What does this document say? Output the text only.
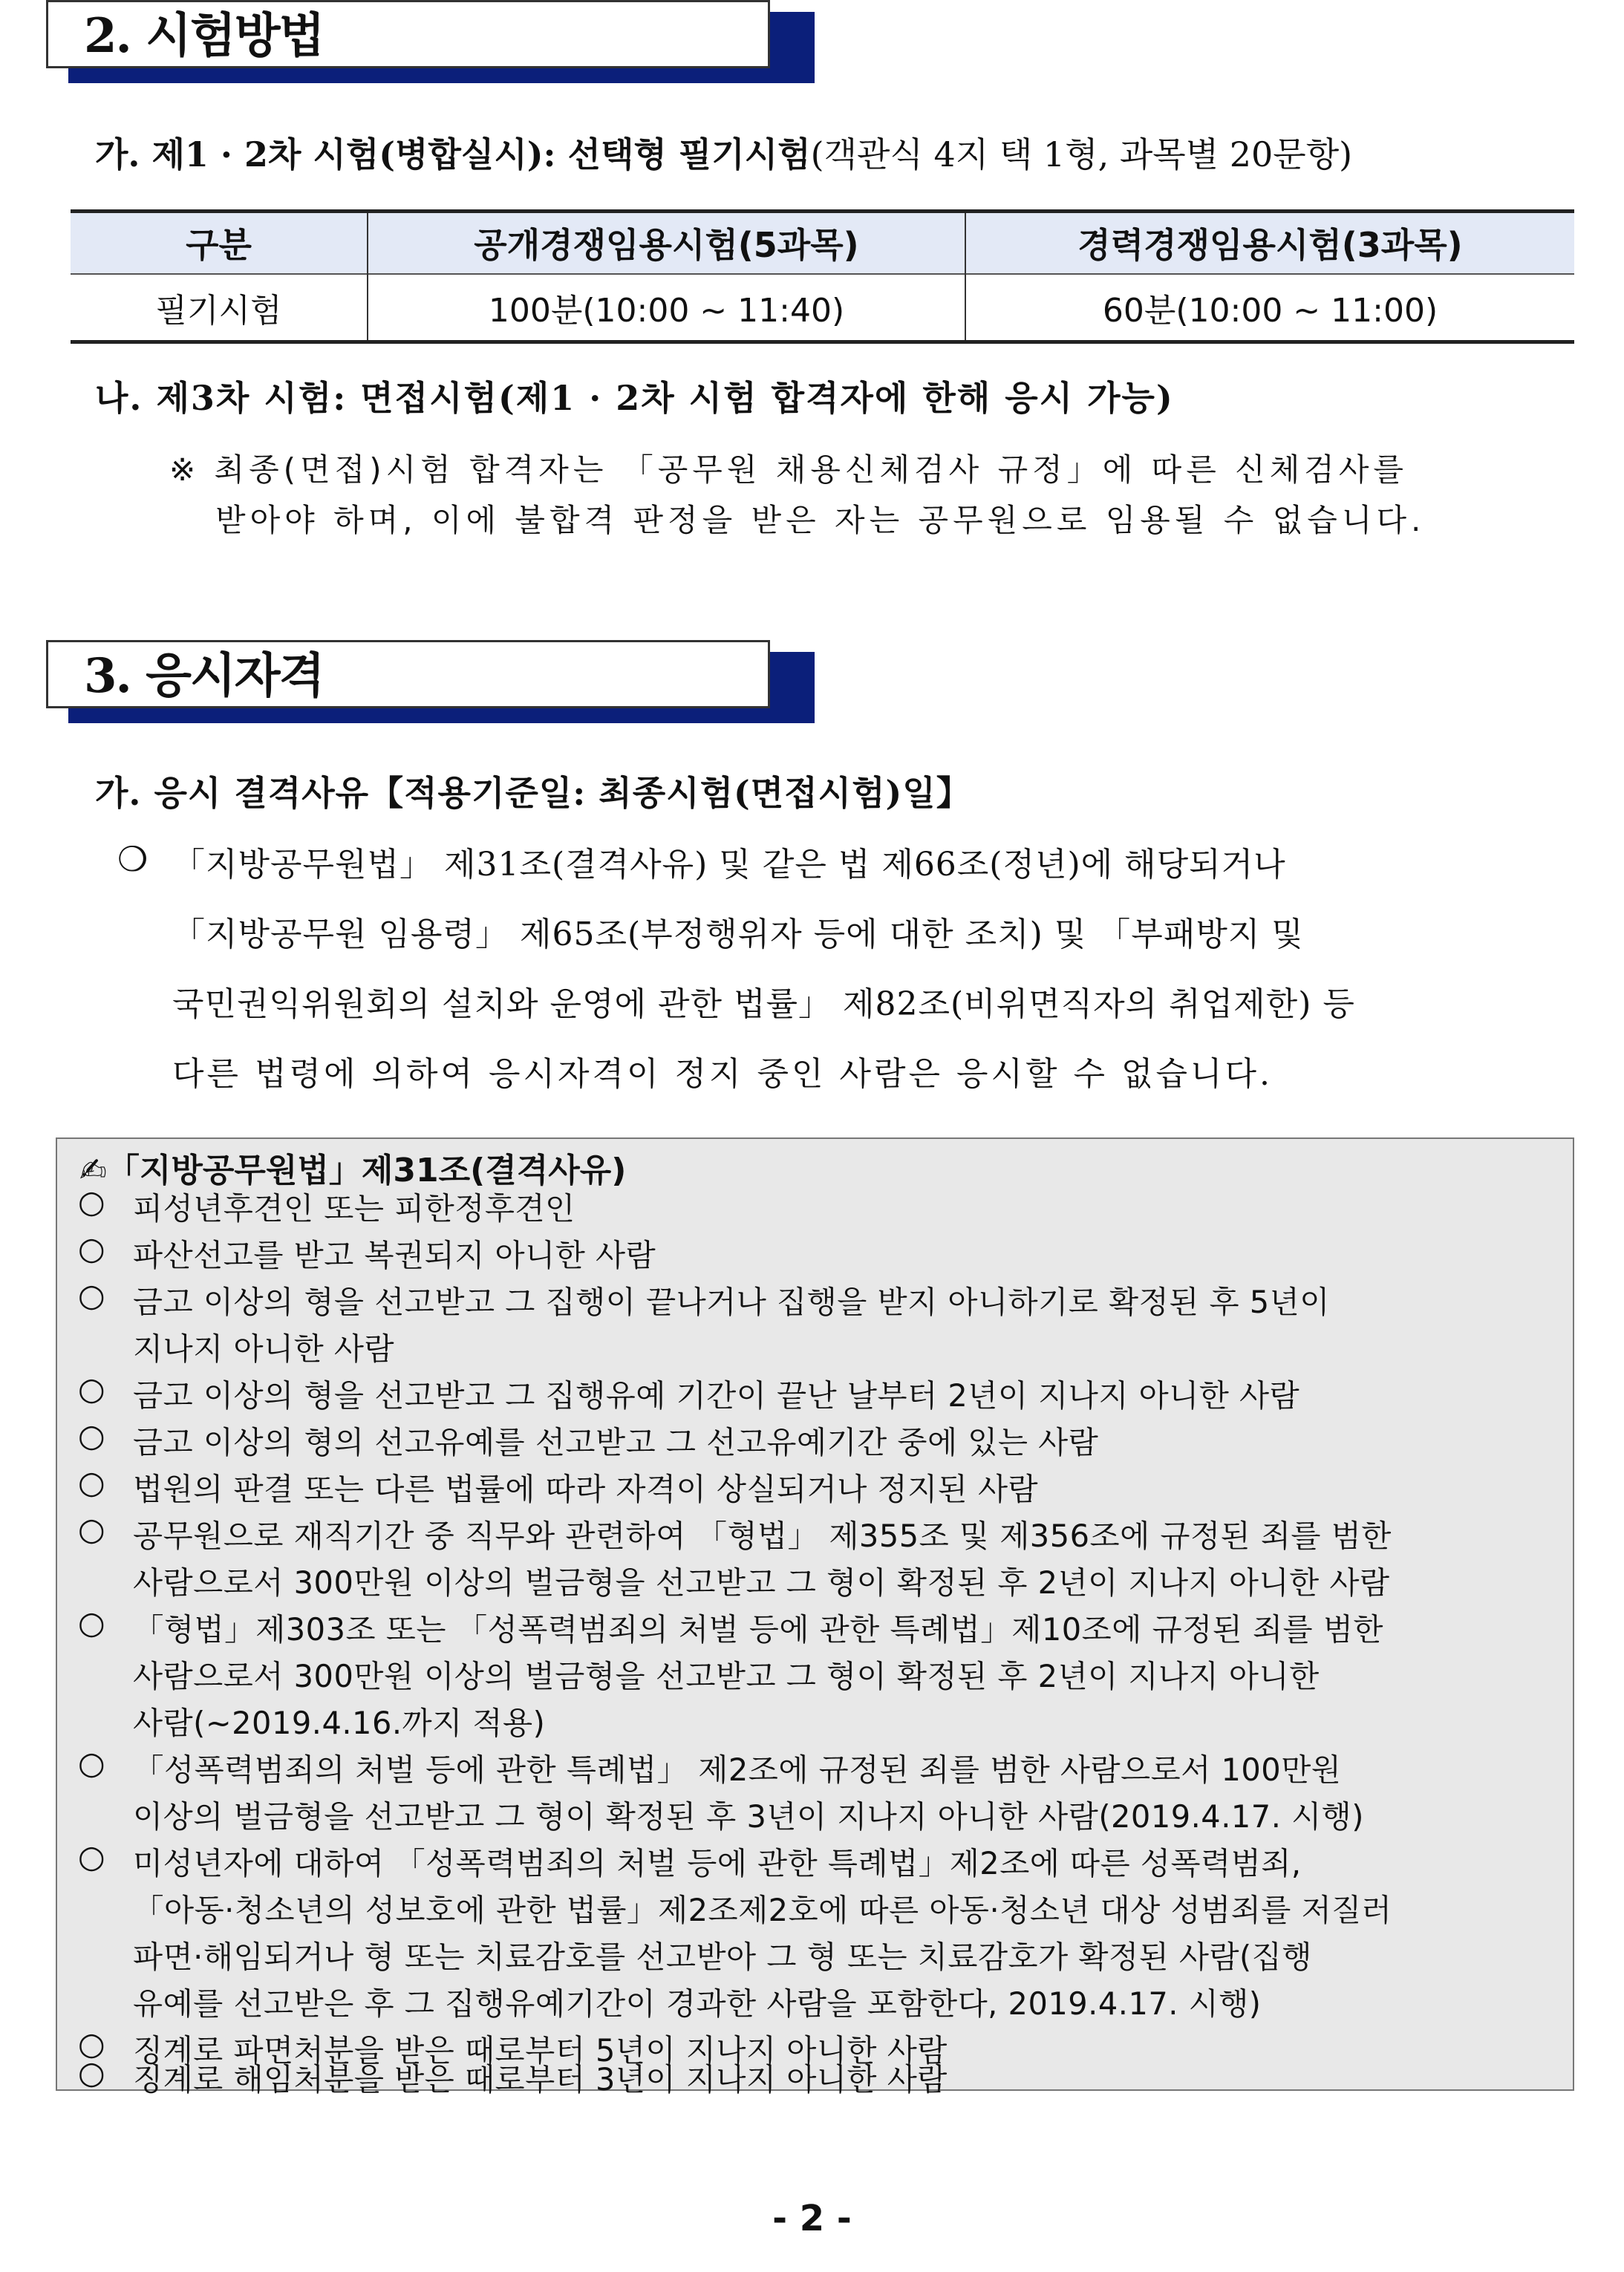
2. 시험방법
가. 제1 · 2차 시험(병합실시): 선택형 필기시험(객관식 4지 택 1형, 과목별 20문항)
구분	공개경쟁임용시험(5과목)	경력경쟁임용시험(3과목)
필기시험	100분(10:00 ~ 11:40)	60분(10:00 ~ 11:00)
나. 제3차 시험: 면접시험(제1 · 2차 시험 합격자에 한해 응시 가능)
※ 최종(면접)시험 합격자는 「공무원 채용신체검사 규정」에 따른 신체검사를
받아야 하며, 이에 불합격 판정을 받은 자는 공무원으로 임용될 수 없습니다.
3. 응시자격
가. 응시 결격사유【적용기준일: 최종시험(면접시험)일】
❍ 「지방공무원법」 제31조(결격사유) 및 같은 법 제66조(정년)에 해당되거나
「지방공무원 임용령」 제65조(부정행위자 등에 대한 조치) 및 「부패방지 및
국민권익위원회의 설치와 운영에 관한 법률」 제82조(비위면직자의 취업제한) 등
다른 법령에 의하여 응시자격이 정지 중인 사람은 응시할 수 없습니다.
✍「지방공무원법」제31조(결격사유)
○ 피성년후견인 또는 피한정후견인
○ 파산선고를 받고 복권되지 아니한 사람
○ 금고 이상의 형을 선고받고 그 집행이 끝나거나 집행을 받지 아니하기로 확정된 후 5년이
지나지 아니한 사람
○ 금고 이상의 형을 선고받고 그 집행유예 기간이 끝난 날부터 2년이 지나지 아니한 사람
○ 금고 이상의 형의 선고유예를 선고받고 그 선고유예기간 중에 있는 사람
○ 법원의 판결 또는 다른 법률에 따라 자격이 상실되거나 정지된 사람
○ 공무원으로 재직기간 중 직무와 관련하여 「형법」 제355조 및 제356조에 규정된 죄를 범한
사람으로서 300만원 이상의 벌금형을 선고받고 그 형이 확정된 후 2년이 지나지 아니한 사람
○ 「형법」제303조 또는 「성폭력범죄의 처벌 등에 관한 특례법」제10조에 규정된 죄를 범한
사람으로서 300만원 이상의 벌금형을 선고받고 그 형이 확정된 후 2년이 지나지 아니한
사람(~2019.4.16.까지 적용)
○ 「성폭력범죄의 처벌 등에 관한 특례법」 제2조에 규정된 죄를 범한 사람으로서 100만원
이상의 벌금형을 선고받고 그 형이 확정된 후 3년이 지나지 아니한 사람(2019.4.17. 시행)
○ 미성년자에 대하여 「성폭력범죄의 처벌 등에 관한 특례법」제2조에 따른 성폭력범죄,
「아동·청소년의 성보호에 관한 법률」제2조제2호에 따른 아동·청소년 대상 성범죄를 저질러
파면·해임되거나 형 또는 치료감호를 선고받아 그 형 또는 치료감호가 확정된 사람(집행
유예를 선고받은 후 그 집행유예기간이 경과한 사람을 포함한다, 2019.4.17. 시행)
○ 징계로 파면처분을 받은 때로부터 5년이 지나지 아니한 사람
○ 징계로 해임처분을 받은 때로부터 3년이 지나지 아니한 사람
- 2 -
